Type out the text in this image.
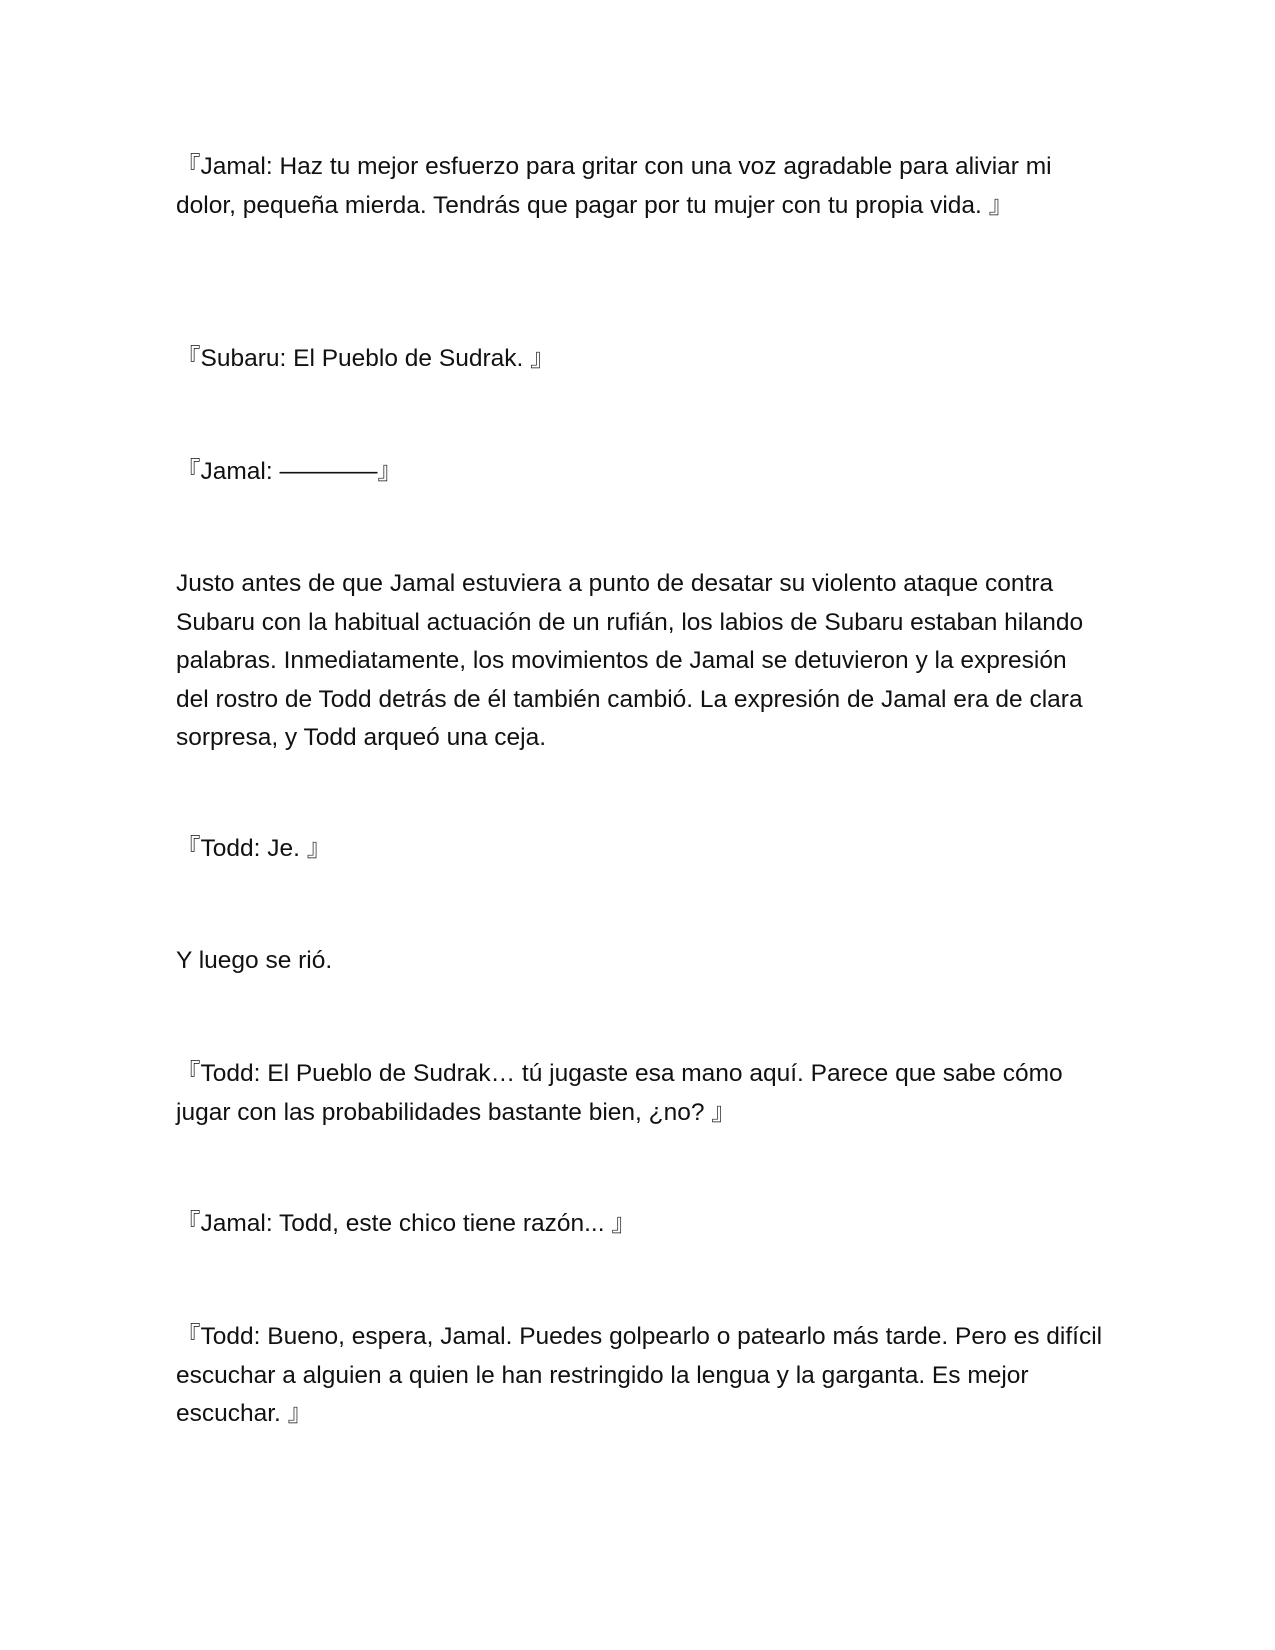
『Jamal: Haz tu mejor esfuerzo para gritar con una voz agradable para aliviar mi dolor, pequeña mierda. Tendrás que pagar por tu mujer con tu propia vida. 』

『Subaru: El Pueblo de Sudrak. 』

『Jamal: ————』

Justo antes de que Jamal estuviera a punto de desatar su violento ataque contra Subaru con la habitual actuación de un rufián, los labios de Subaru estaban hilando palabras. Inmediatamente, los movimientos de Jamal se detuvieron y la expresión del rostro de Todd detrás de él también cambió. La expresión de Jamal era de clara sorpresa, y Todd arqueó una ceja.

『Todd: Je. 』

Y luego se rió.

『Todd: El Pueblo de Sudrak… tú jugaste esa mano aquí. Parece que sabe cómo jugar con las probabilidades bastante bien, ¿no? 』

『Jamal: Todd, este chico tiene razón... 』

『Todd: Bueno, espera, Jamal. Puedes golpearlo o patearlo más tarde. Pero es difícil escuchar a alguien a quien le han restringido la lengua y la garganta. Es mejor escuchar. 』
